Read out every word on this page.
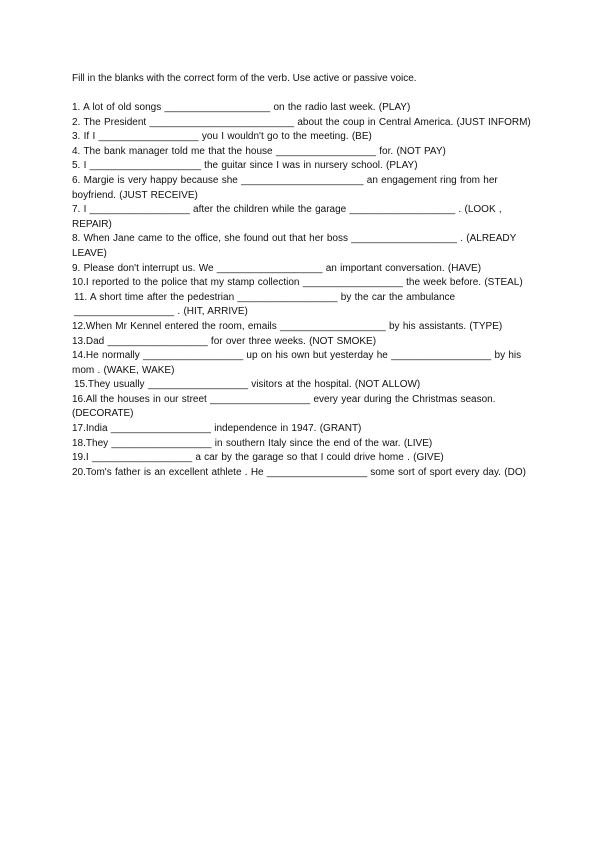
Fill in the blanks with the correct form of the verb. Use active or passive voice.
1. A lot of old songs ___________________ on the radio last week. (PLAY)
2. The President __________________________ about the coup in Central America. (JUST INFORM)
3. If I __________________ you I wouldn't go to the meeting. (BE)
4. The bank manager told me that the house __________________ for. (NOT PAY)
5. I ____________________ the guitar since I was in nursery school. (PLAY)
6. Margie is very happy because she ______________________ an engagement ring from her boyfriend. (JUST RECEIVE)
7. I __________________ after the children while the garage ___________________ . (LOOK , REPAIR)
8. When Jane came to the office, she found out that her boss ___________________ . (ALREADY LEAVE)
9. Please don't interrupt us. We ___________________ an important conversation. (HAVE)
10.I reported to the police that my stamp collection __________________ the week before. (STEAL)
11. A short time after the pedestrian __________________ by the car the ambulance __________________ . (HIT, ARRIVE)
12.When Mr Kennel entered the room, emails ___________________ by his assistants. (TYPE)
13.Dad __________________ for over three weeks. (NOT SMOKE)
14.He normally __________________ up on his own but yesterday he __________________ by his mom . (WAKE, WAKE)
15.They usually __________________ visitors at the hospital. (NOT ALLOW)
16.All the houses in our street __________________ every year during the Christmas season. (DECORATE)
17.India __________________ independence in 1947. (GRANT)
18.They __________________ in southern Italy since the end of the war. (LIVE)
19.I __________________ a car by the garage so that I could drive home . (GIVE)
20.Tom's father is an excellent athlete . He __________________ some sort of sport every day. (DO)
